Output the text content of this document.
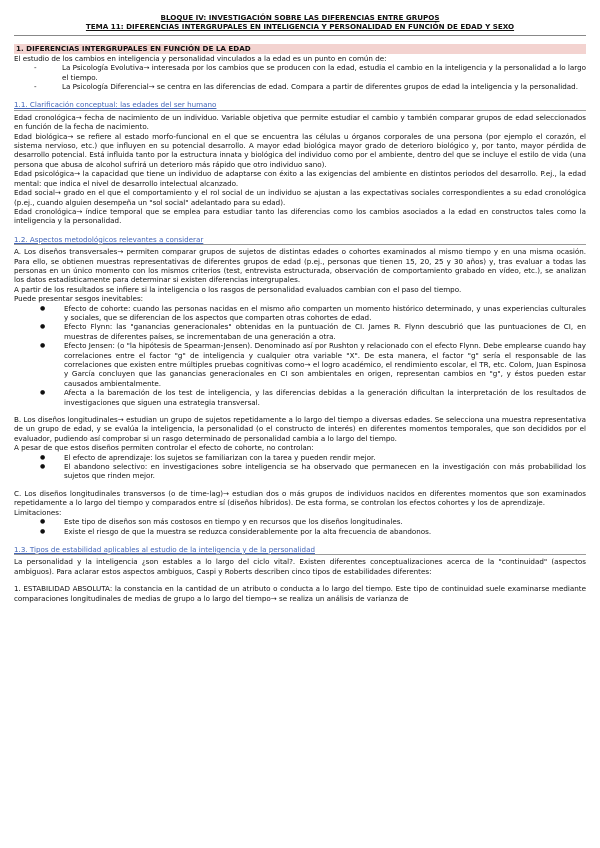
BLOQUE IV: INVESTIGACIÓN SOBRE LAS DIFERENCIAS ENTRE GRUPOS
TEMA 11: DIFERENCIAS INTERGRUPALES EN INTELIGENCIA Y PERSONALIDAD EN FUNCIÓN DE EDAD Y SEXO
1. DIFERENCIAS INTERGRUPALES EN FUNCIÓN DE LA EDAD

El estudio de los cambios en inteligencia y personalidad vinculados a la edad es un punto en común de:

- La Psicología Evolutiva→ interesada por los cambios que se producen con la edad, estudia el cambio en la inteligencia y la personalidad a lo largo el tiempo.
- La Psicología Diferencial→ se centra en las diferencias de edad. Compara a partir de diferentes grupos de edad la inteligencia y la personalidad.
1.1. Clarificación conceptual: las edades del ser humano

Edad cronológica→ fecha de nacimiento de un individuo. Variable objetiva que permite estudiar el cambio y también comparar grupos de edad seleccionados en función de la fecha de nacimiento.

Edad biológica→ se refiere al estado morfo-funcional en el que se encuentra las células u órganos corporales de una persona (por ejemplo el corazón, el sistema nervioso, etc.) que influyen en su potencial desarrollo. A mayor edad biológica mayor grado de deterioro biológico y, por tanto, mayor pérdida de desarrollo potencial. Está influida tanto por la estructura innata y biológica del individuo como por el ambiente, dentro del que se incluye el estilo de vida (una persona que abusa de alcohol sufrirá un deterioro más rápido que otro individuo sano).

Edad psicológica→ la capacidad que tiene un individuo de adaptarse con éxito a las exigencias del ambiente en distintos periodos del desarrollo. P.ej., la edad mental: que indica el nivel de desarrollo intelectual alcanzado.

Edad social→ grado en el que el comportamiento y el rol social de un individuo se ajustan a las expectativas sociales correspondientes a su edad cronológica (p.ej., cuando alguien desempeña un "sol social" adelantado para su edad).

Edad cronológica→ índice temporal que se emplea para estudiar tanto las diferencias como los cambios asociados a la edad en constructos tales como la inteligencia y la personalidad.

1.2. Aspectos metodológicos relevantes a considerar

A. Los diseños transversales→ permiten comparar grupos de sujetos de distintas edades o cohortes examinados al mismo tiempo y en una misma ocasión. Para ello, se obtienen muestras representativas de diferentes grupos de edad (p.ej., personas que tienen 15, 20, 25 y 30 años) y, tras evaluar a todas las personas en un único momento con los mismos criterios (test, entrevista estructurada, observación de comportamiento grabado en vídeo, etc.), se analizan los datos estadísticamente para determinar si existen diferencias intergrupales.

A partir de los resultados se infiere si la inteligencia o los rasgos de personalidad evaluados cambian con el paso del tiempo.

Puede presentar sesgos inevitables:

● Efecto de cohorte: cuando las personas nacidas en el mismo año comparten un momento histórico determinado, y unas experiencias culturales y sociales, que se diferencian de los aspectos que comparten otras cohortes de edad.
● Efecto Flynn: las "ganancias generacionales" obtenidas en la puntuación de CI. James R. Flynn descubrió que las puntuaciones de CI, en muestras de diferentes países, se incrementaban de una generación a otra.
● Efecto Jensen: (o "la hipótesis de Spearman-Jensen). Denominado así por Rushton y relacionado con el efecto Flynn. Debe emplearse cuando hay correlaciones entre el factor "g" de inteligencia y cualquier otra variable "X". De esta manera, el factor "g" sería el responsable de las correlaciones que existen entre múltiples pruebas cognitivas como→ el logro académico, el rendimiento escolar, el TR, etc. Colom, Juan Espinosa y García concluyen que las ganancias generacionales en CI son ambientales en origen, representan cambios en "g", y éstos pueden estar causados ambientalmente.
● Afecta a la baremación de los test de inteligencia, y las diferencias debidas a la generación dificultan la interpretación de los resultados de investigaciones que siguen una estrategia transversal.

B. Los diseños longitudinales→ estudian un grupo de sujetos repetidamente a lo largo del tiempo a diversas edades. Se selecciona una muestra representativa de un grupo de edad, y se evalúa la inteligencia, la personalidad (o el constructo de interés) en diferentes momentos temporales, que son decididos por el evaluador, pudiendo así comprobar si un rasgo determinado de personalidad cambia a lo largo del tiempo.

A pesar de que estos diseños permiten controlar el efecto de cohorte, no controlan:

● El efecto de aprendizaje: los sujetos se familiarizan con la tarea y pueden rendir mejor.
● El abandono selectivo: en investigaciones sobre inteligencia se ha observado que permanecen en la investigación con más probabilidad los sujetos que rinden mejor.

C. Los diseños longitudinales transversos (o de time-lag)→ estudian dos o más grupos de individuos nacidos en diferentes momentos que son examinados repetidamente a lo largo del tiempo y comparados entre sí (diseños híbridos). De esta forma, se controlan los efectos cohortes y los de aprendizaje.

Limitaciones:

● Este tipo de diseños son más costosos en tiempo y en recursos que los diseños longitudinales.
● Existe el riesgo de que la muestra se reduzca considerablemente por la alta frecuencia de abandonos.
1.3. Tipos de estabilidad aplicables al estudio de la inteligencia y de la personalidad

La personalidad y la inteligencia ¿son estables a lo largo del ciclo vital?. Existen diferentes conceptualizaciones acerca de la "continuidad" (aspectos ambiguos). Para aclarar estos aspectos ambiguos, Caspi y Roberts describen cinco tipos de estabilidades diferentes:

1. ESTABILIDAD ABSOLUTA: la constancia en la cantidad de un atributo o conducta a lo largo del tiempo. Este tipo de continuidad suele examinarse mediante comparaciones longitudinales de medias de grupo a lo largo del tiempo→ se realiza un análisis de varianza de
